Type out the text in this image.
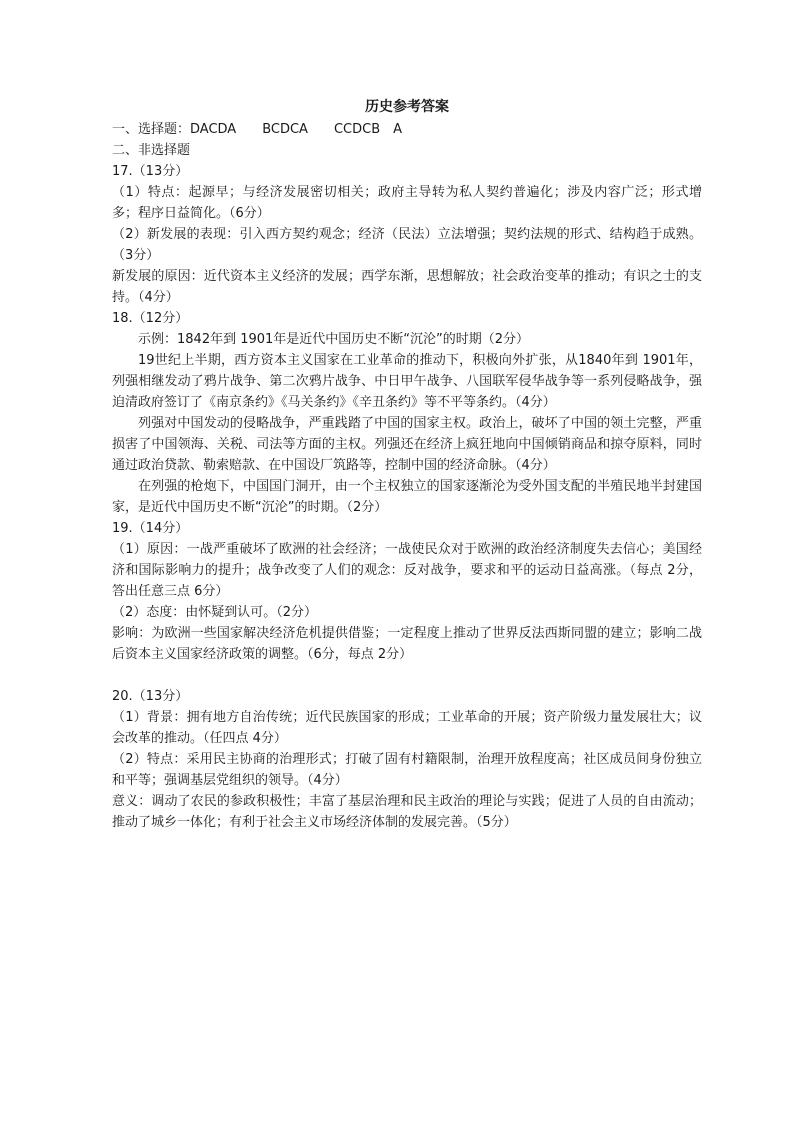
历史参考答案
一、选择题：DACDA　　BCDCA　　CCDCB　A
二、非选择题
17.（13分）
（1）特点：起源早；与经济发展密切相关；政府主导转为私人契约普遍化；涉及内容广泛；形式增多；程序日益简化。（6分）
（2）新发展的表现：引入西方契约观念；经济（民法）立法增强；契约法规的形式、结构趋于成熟。（3分）
新发展的原因：近代资本主义经济的发展；西学东渐，思想解放；社会政治变革的推动；有识之士的支持。（4分）
18.（12分）
示例：1842年到 1901年是近代中国历史不断“沉沦”的时期（2分）
19世纪上半期，西方资本主义国家在工业革命的推动下，积极向外扩张，从1840年到 1901年，列强相继发动了鸦片战争、第二次鸦片战争、中日甲午战争、八国联军侵华战争等一系列侵略战争，强迫清政府签订了《南京条约》《马关条约》《辛丑条约》等不平等条约。（4分）
列强对中国发动的侵略战争，严重践踏了中国的国家主权。政治上，破坏了中国的领土完整，严重损害了中国领海、关税、司法等方面的主权。列强还在经济上疯狂地向中国倾销商品和掠夺原料，同时通过政治贷款、勒索赔款、在中国设厂筑路等，控制中国的经济命脉。（4分）
在列强的枪炮下，中国国门洞开，由一个主权独立的国家逐渐沦为受外国支配的半殖民地半封建国家，是近代中国历史不断“沉沦”的时期。（2分）
19.（14分）
（1）原因：一战严重破坏了欧洲的社会经济；一战使民众对于欧洲的政治经济制度失去信心；美国经济和国际影响力的提升；战争改变了人们的观念：反对战争，要求和平的运动日益高涨。（每点 2分，答出任意三点 6分）
（2）态度：由怀疑到认可。（2分）
影响：为欧洲一些国家解决经济危机提供借鉴；一定程度上推动了世界反法西斯同盟的建立；影响二战后资本主义国家经济政策的调整。（6分，每点 2分）
20.（13分）
（1）背景：拥有地方自治传统；近代民族国家的形成；工业革命的开展；资产阶级力量发展壮大；议会改革的推动。（任四点 4分）
（2）特点：采用民主协商的治理形式；打破了固有村籍限制，治理开放程度高；社区成员间身份独立和平等；强调基层党组织的领导。（4分）
意义：调动了农民的参政积极性；丰富了基层治理和民主政治的理论与实践；促进了人员的自由流动；推动了城乡一体化；有利于社会主义市场经济体制的发展完善。（5分）
